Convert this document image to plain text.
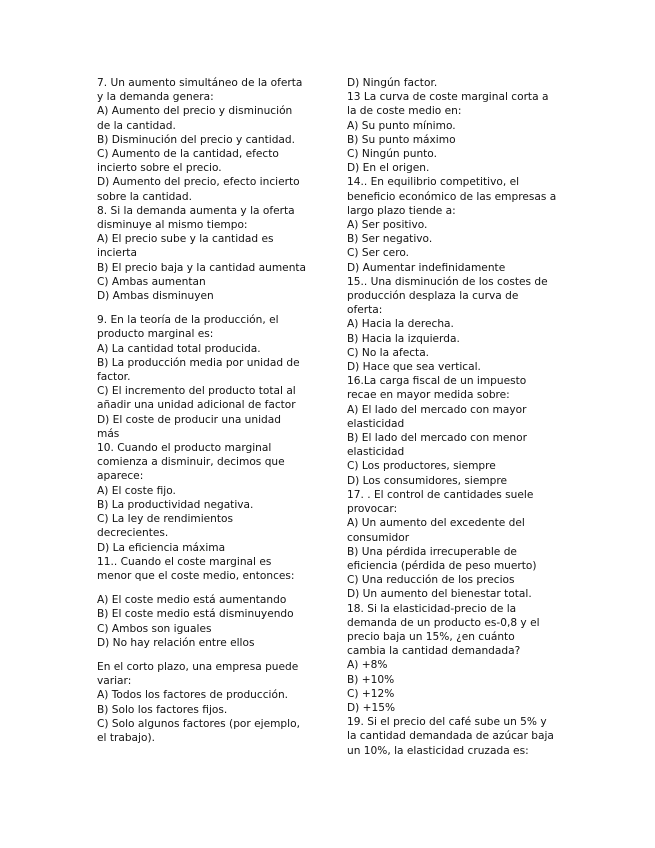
7. Un aumento simultáneo de la oferta
y la demanda genera:
A) Aumento del precio y disminución
de la cantidad.
B) Disminución del precio y cantidad.
C) Aumento de la cantidad, efecto
incierto sobre el precio.
D) Aumento del precio, efecto incierto
sobre la cantidad.
8. Si la demanda aumenta y la oferta
disminuye al mismo tiempo:
A) El precio sube y la cantidad es
incierta
B) El precio baja y la cantidad aumenta
C) Ambas aumentan
D) Ambas disminuyen
9. En la teoría de la producción, el
producto marginal es:
A) La cantidad total producida.
B) La producción media por unidad de
factor.
C) El incremento del producto total al
añadir una unidad adicional de factor
D) El coste de producir una unidad
más
10. Cuando el producto marginal
comienza a disminuir, decimos que
aparece:
A) El coste fijo.
B) La productividad negativa.
C) La ley de rendimientos
decrecientes.
D) La eficiencia máxima
11.. Cuando el coste marginal es
menor que el coste medio, entonces:
A) El coste medio está aumentando
B) El coste medio está disminuyendo
C) Ambos son iguales
D) No hay relación entre ellos
En el corto plazo, una empresa puede
variar:
A) Todos los factores de producción.
B) Solo los factores fijos.
C) Solo algunos factores (por ejemplo,
el trabajo).
D) Ningún factor.
13 La curva de coste marginal corta a
la de coste medio en:
A) Su punto mínimo.
B) Su punto máximo
C) Ningún punto.
D) En el origen.
14.. En equilibrio competitivo, el
beneficio económico de las empresas a
largo plazo tiende a:
A) Ser positivo.
B) Ser negativo.
C) Ser cero.
D) Aumentar indefinidamente
15.. Una disminución de los costes de
producción desplaza la curva de
oferta:
A) Hacia la derecha.
B) Hacia la izquierda.
C) No la afecta.
D) Hace que sea vertical.
16.La carga fiscal de un impuesto
recae en mayor medida sobre:
A) El lado del mercado con mayor
elasticidad
B) El lado del mercado con menor
elasticidad
C) Los productores, siempre
D) Los consumidores, siempre
17. . El control de cantidades suele
provocar:
A) Un aumento del excedente del
consumidor
B) Una pérdida irrecuperable de
eficiencia (pérdida de peso muerto)
C) Una reducción de los precios
D) Un aumento del bienestar total.
18. Si la elasticidad-precio de la
demanda de un producto es-0,8 y el
precio baja un 15%, ¿en cuánto
cambia la cantidad demandada?
A) +8%
B) +10%
C) +12%
D) +15%
19. Si el precio del café sube un 5% y
la cantidad demandada de azúcar baja
un 10%, la elasticidad cruzada es:
